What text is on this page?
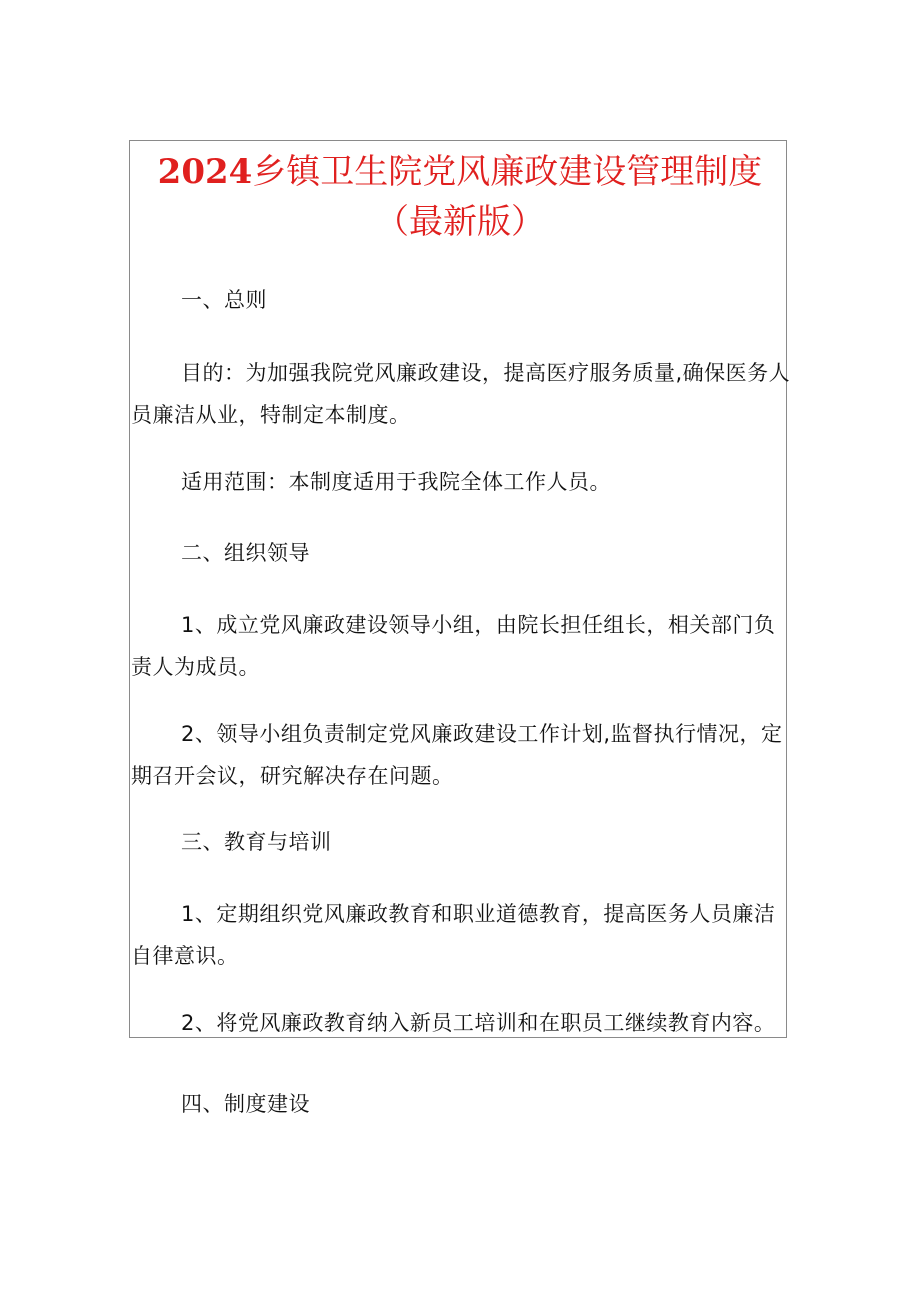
2024乡镇卫生院党风廉政建设管理制度
（最新版）

一、总则

目的：为加强我院党风廉政建设，提高医疗服务质量,确保医务人员廉洁从业，特制定本制度。

适用范围：本制度适用于我院全体工作人员。

二、组织领导

1、成立党风廉政建设领导小组，由院长担任组长，相关部门负责人为成员。

2、领导小组负责制定党风廉政建设工作计划,监督执行情况，定期召开会议，研究解决存在问题。

三、教育与培训

1、定期组织党风廉政教育和职业道德教育，提高医务人员廉洁自律意识。

2、将党风廉政教育纳入新员工培训和在职员工继续教育内容。

四、制度建设
